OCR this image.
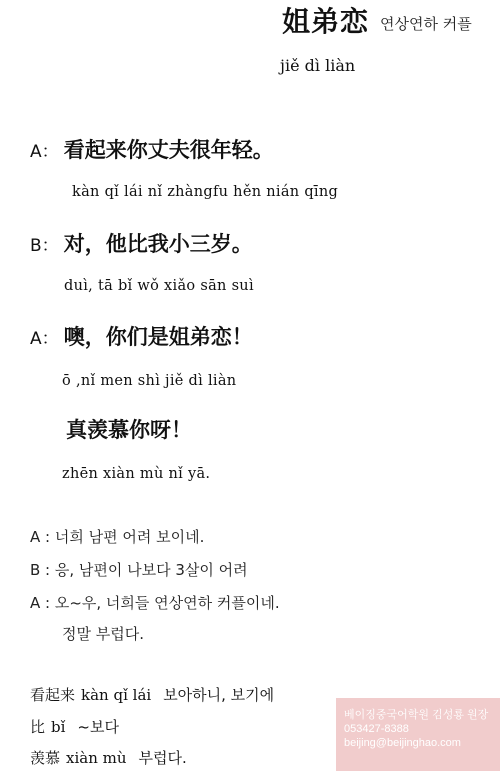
姐弟恋 연상연하 커플
jiě dì liàn
A： 看起来你丈夫很年轻。
kàn qǐ lái nǐ zhàngfu hěn nián qīng
B： 对，他比我小三岁。
duì, tā bǐ wǒ xiǎo sān suì
A： 噢，你们是姐弟恋！
ō ,nǐ men shì jiě dì liàn
真羡慕你呀！
zhēn xiàn mù nǐ yā.
A : 너희 남편 어려 보이네.
B : 응, 남편이 나보다 3살이 어려
A : 오~우, 너희들 연상연하 커플이네.
정말 부럽다.
看起来 kàn qǐ lái 보아하니, 보기에
比 bǐ ~보다
羡慕 xiàn mù 부럽다.
베이징중국어학원 김성룡 원장
053427-8388
beijing@beijinghao.com
